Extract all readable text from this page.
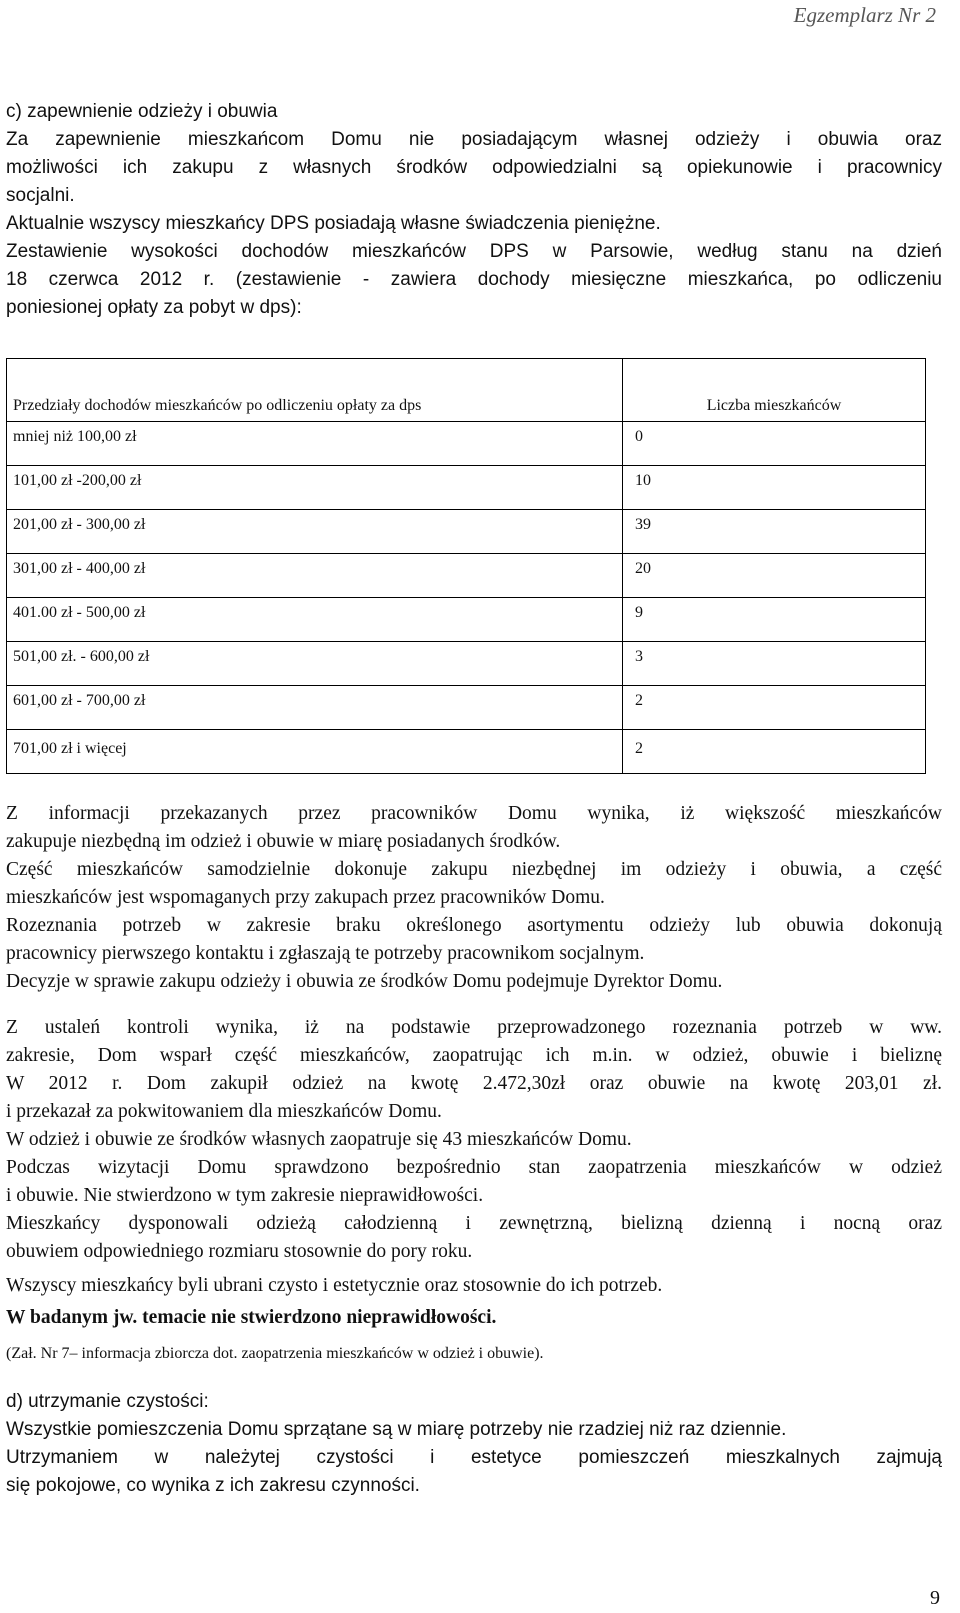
Egzemplarz Nr 2

c) zapewnienie odzieży i obuwia

Za zapewnienie mieszkańcom Domu nie posiadającym własnej odzieży i obuwia oraz

możliwości ich zakupu z własnych środków odpowiedzialni są opiekunowie i pracownicy

socjalni.

Aktualnie wszyscy mieszkańcy DPS posiadają własne świadczenia pieniężne.

Zestawienie wysokości dochodów mieszkańców DPS w Parsowie, według stanu na dzień

18 czerwca 2012 r. (zestawienie - zawiera dochody miesięczne mieszkańca, po odliczeniu

poniesionej opłaty za pobyt w dps):

Przedziały dochodów mieszkańców po odliczeniu opłaty za dps	Liczba mieszkańców
mniej niż 100,00 zł	0
101,00 zł -200,00 zł	10
201,00 zł - 300,00 zł	39
301,00 zł - 400,00 zł	20
401.00 zł - 500,00 zł	9
501,00 zł. - 600,00 zł	3
601,00 zł - 700,00 zł	2
701,00 zł i więcej	2

Z informacji przekazanych przez pracowników Domu wynika, iż większość mieszkańców

zakupuje niezbędną im odzież i obuwie w miarę posiadanych środków.

Część mieszkańców samodzielnie dokonuje zakupu niezbędnej im odzieży i obuwia, a część

mieszkańców jest wspomaganych przy zakupach przez pracowników Domu.

Rozeznania potrzeb w zakresie braku określonego asortymentu odzieży lub obuwia dokonują

pracownicy pierwszego kontaktu i zgłaszają te potrzeby pracownikom socjalnym.

Decyzje w sprawie zakupu odzieży i obuwia ze środków Domu podejmuje Dyrektor Domu.

Z ustaleń kontroli wynika, iż na podstawie przeprowadzonego rozeznania potrzeb w ww.

zakresie, Dom wsparł część mieszkańców, zaopatrując ich m.in. w odzież, obuwie i bieliznę

W 2012 r. Dom zakupił odzież na kwotę 2.472,30zł oraz obuwie na kwotę 203,01 zł.

i przekazał za pokwitowaniem dla mieszkańców Domu.

W odzież i obuwie ze środków własnych zaopatruje się 43 mieszkańców Domu.

Podczas wizytacji Domu sprawdzono bezpośrednio stan zaopatrzenia mieszkańców w odzież

i obuwie. Nie stwierdzono w tym zakresie nieprawidłowości.

Mieszkańcy dysponowali odzieżą całodzienną i zewnętrzną, bielizną dzienną i nocną oraz

obuwiem odpowiedniego rozmiaru stosownie do pory roku.

Wszyscy mieszkańcy byli ubrani czysto i estetycznie oraz stosownie do ich potrzeb.

W badanym jw. temacie nie stwierdzono nieprawidłowości.

(Zał. Nr 7– informacja zbiorcza dot. zaopatrzenia mieszkańców w odzież i obuwie).

d) utrzymanie czystości:

Wszystkie pomieszczenia Domu sprzątane są w miarę potrzeby nie rzadziej niż raz dziennie.

Utrzymaniem w należytej czystości i estetyce pomieszczeń mieszkalnych zajmują

się pokojowe, co wynika z ich zakresu czynności.

9
